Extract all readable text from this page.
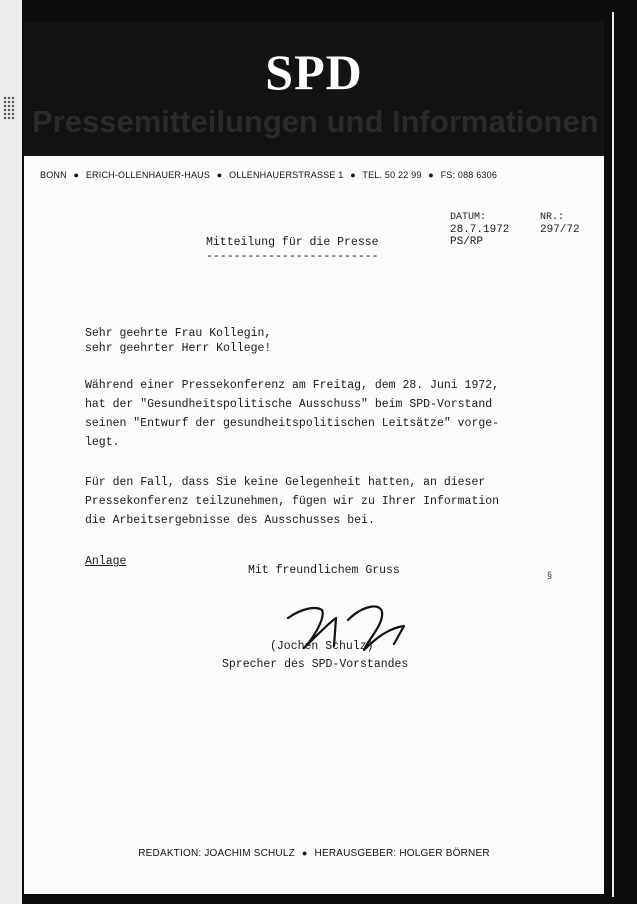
SPD
Pressemitteilungen und Informationen
BONN ● ERICH-OLLENHAUER-HAUS ● OLLENHAUERSTRASSE 1 ● TEL. 50 22 99 ● FS: 088 6306
DATUM:
28.7.1972
PS/RP
NR.:
297/72
Mitteilung für die Presse
-------------------------
Sehr geehrte Frau Kollegin,
sehr geehrter Herr Kollege!
Während einer Pressekonferenz am Freitag, dem 28. Juni 1972,
hat der "Gesundheitspolitische Ausschuss" beim SPD-Vorstand
seinen "Entwurf der gesundheitspolitischen Leitsätze" vorge-
legt.
Für den Fall, dass Sie keine Gelegenheit hatten, an dieser
Pressekonferenz teilzunehmen, fügen wir zu Ihrer Information
die Arbeitsergebnisse des Ausschusses bei.
Anlage
Mit freundlichem Gruss
(Jochen Schulz)
Sprecher des SPD-Vorstandes
§
REDAKTION: JOACHIM SCHULZ ● HERAUSGEBER: HOLGER BÖRNER
